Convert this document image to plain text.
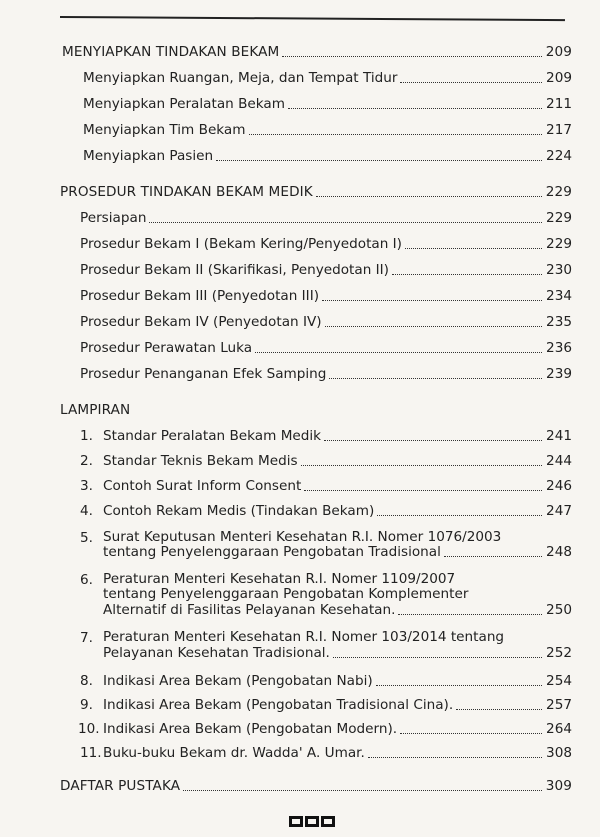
MENYIAPKAN TINDAKAN BEKAM	209
Menyiapkan Ruangan, Meja, dan Tempat Tidur	209
Menyiapkan Peralatan Bekam	211
Menyiapkan Tim Bekam	217
Menyiapkan Pasien	224
PROSEDUR TINDAKAN BEKAM MEDIK	229
Persiapan	229
Prosedur Bekam I (Bekam Kering/Penyedotan I)	229
Prosedur Bekam II (Skarifikasi, Penyedotan II)	230
Prosedur Bekam III (Penyedotan III)	234
Prosedur Bekam IV (Penyedotan IV)	235
Prosedur Perawatan Luka	236
Prosedur Penanganan Efek Samping	239
LAMPIRAN
1. Standar Peralatan Bekam Medik	241
2. Standar Teknis Bekam Medis	244
3. Contoh Surat Inform Consent	246
4. Contoh Rekam Medis (Tindakan Bekam)	247
5. Surat Keputusan Menteri Kesehatan R.I. Nomer 1076/2003
tentang Penyelenggaraan Pengobatan Tradisional	248
6. Peraturan Menteri Kesehatan R.I. Nomer 1109/2007
tentang Penyelenggaraan Pengobatan Komplementer
Alternatif di Fasilitas Pelayanan Kesehatan.	250
7. Peraturan Menteri Kesehatan R.I. Nomer 103/2014 tentang
Pelayanan Kesehatan Tradisional.	252
8. Indikasi Area Bekam (Pengobatan Nabi)	254
9. Indikasi Area Bekam (Pengobatan Tradisional Cina).	257
10. Indikasi Area Bekam (Pengobatan Modern).	264
11. Buku-buku Bekam dr. Wadda' A. Umar.	308
DAFTAR PUSTAKA	309
